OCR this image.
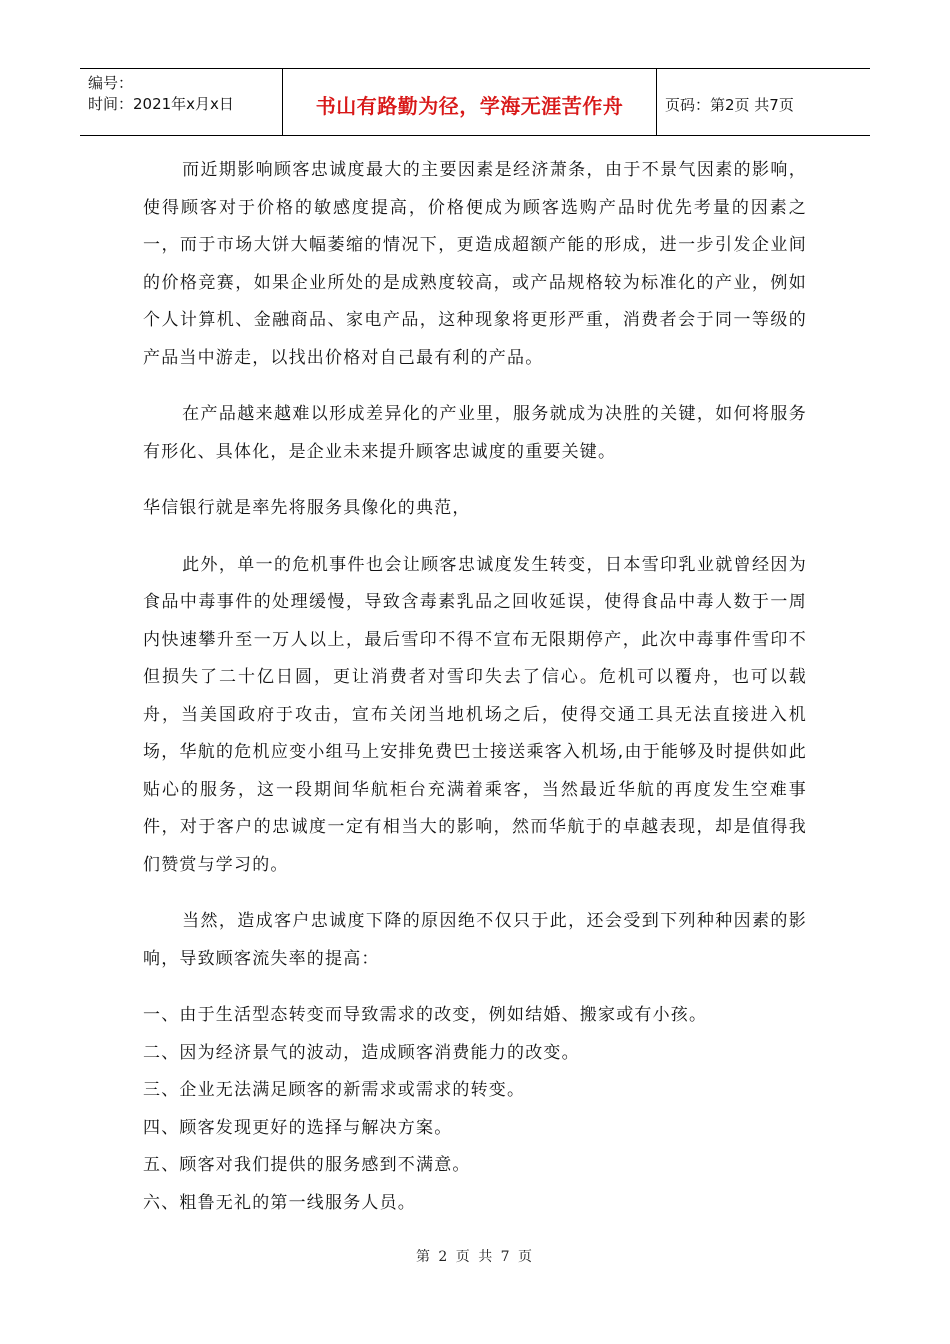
编号：
时间：2021年x月x日	书山有路勤为径，学海无涯苦作舟	页码：第2页 共7页

而近期影响顾客忠诚度最大的主要因素是经济萧条，由于不景气因素的影响，使得顾客对于价格的敏感度提高，价格便成为顾客选购产品时优先考量的因素之一，而于市场大饼大幅萎缩的情况下，更造成超额产能的形成，进一步引发企业间的价格竞赛，如果企业所处的是成熟度较高，或产品规格较为标准化的产业，例如个人计算机、金融商品、家电产品，这种现象将更形严重，消费者会于同一等级的产品当中游走，以找出价格对自己最有利的产品。

在产品越来越难以形成差异化的产业里，服务就成为决胜的关键，如何将服务有形化、具体化，是企业未来提升顾客忠诚度的重要关键。

华信银行就是率先将服务具像化的典范，

此外，单一的危机事件也会让顾客忠诚度发生转变，日本雪印乳业就曾经因为食品中毒事件的处理缓慢，导致含毒素乳品之回收延误，使得食品中毒人数于一周内快速攀升至一万人以上，最后雪印不得不宣布无限期停产，此次中毒事件雪印不但损失了二十亿日圆，更让消费者对雪印失去了信心。危机可以覆舟，也可以载舟，当美国政府于攻击，宣布关闭当地机场之后，使得交通工具无法直接进入机场，华航的危机应变小组马上安排免费巴士接送乘客入机场,由于能够及时提供如此贴心的服务，这一段期间华航柜台充满着乘客，当然最近华航的再度发生空难事件，对于客户的忠诚度一定有相当大的影响，然而华航于的卓越表现，却是值得我们赞赏与学习的。

当然，造成客户忠诚度下降的原因绝不仅只于此，还会受到下列种种因素的影响，导致顾客流失率的提高：

一、由于生活型态转变而导致需求的改变，例如结婚、搬家或有小孩。

二、因为经济景气的波动，造成顾客消费能力的改变。

三、企业无法满足顾客的新需求或需求的转变。

四、顾客发现更好的选择与解决方案。

五、顾客对我们提供的服务感到不满意。

六、粗鲁无礼的第一线服务人员。

第 2 页 共 7 页
